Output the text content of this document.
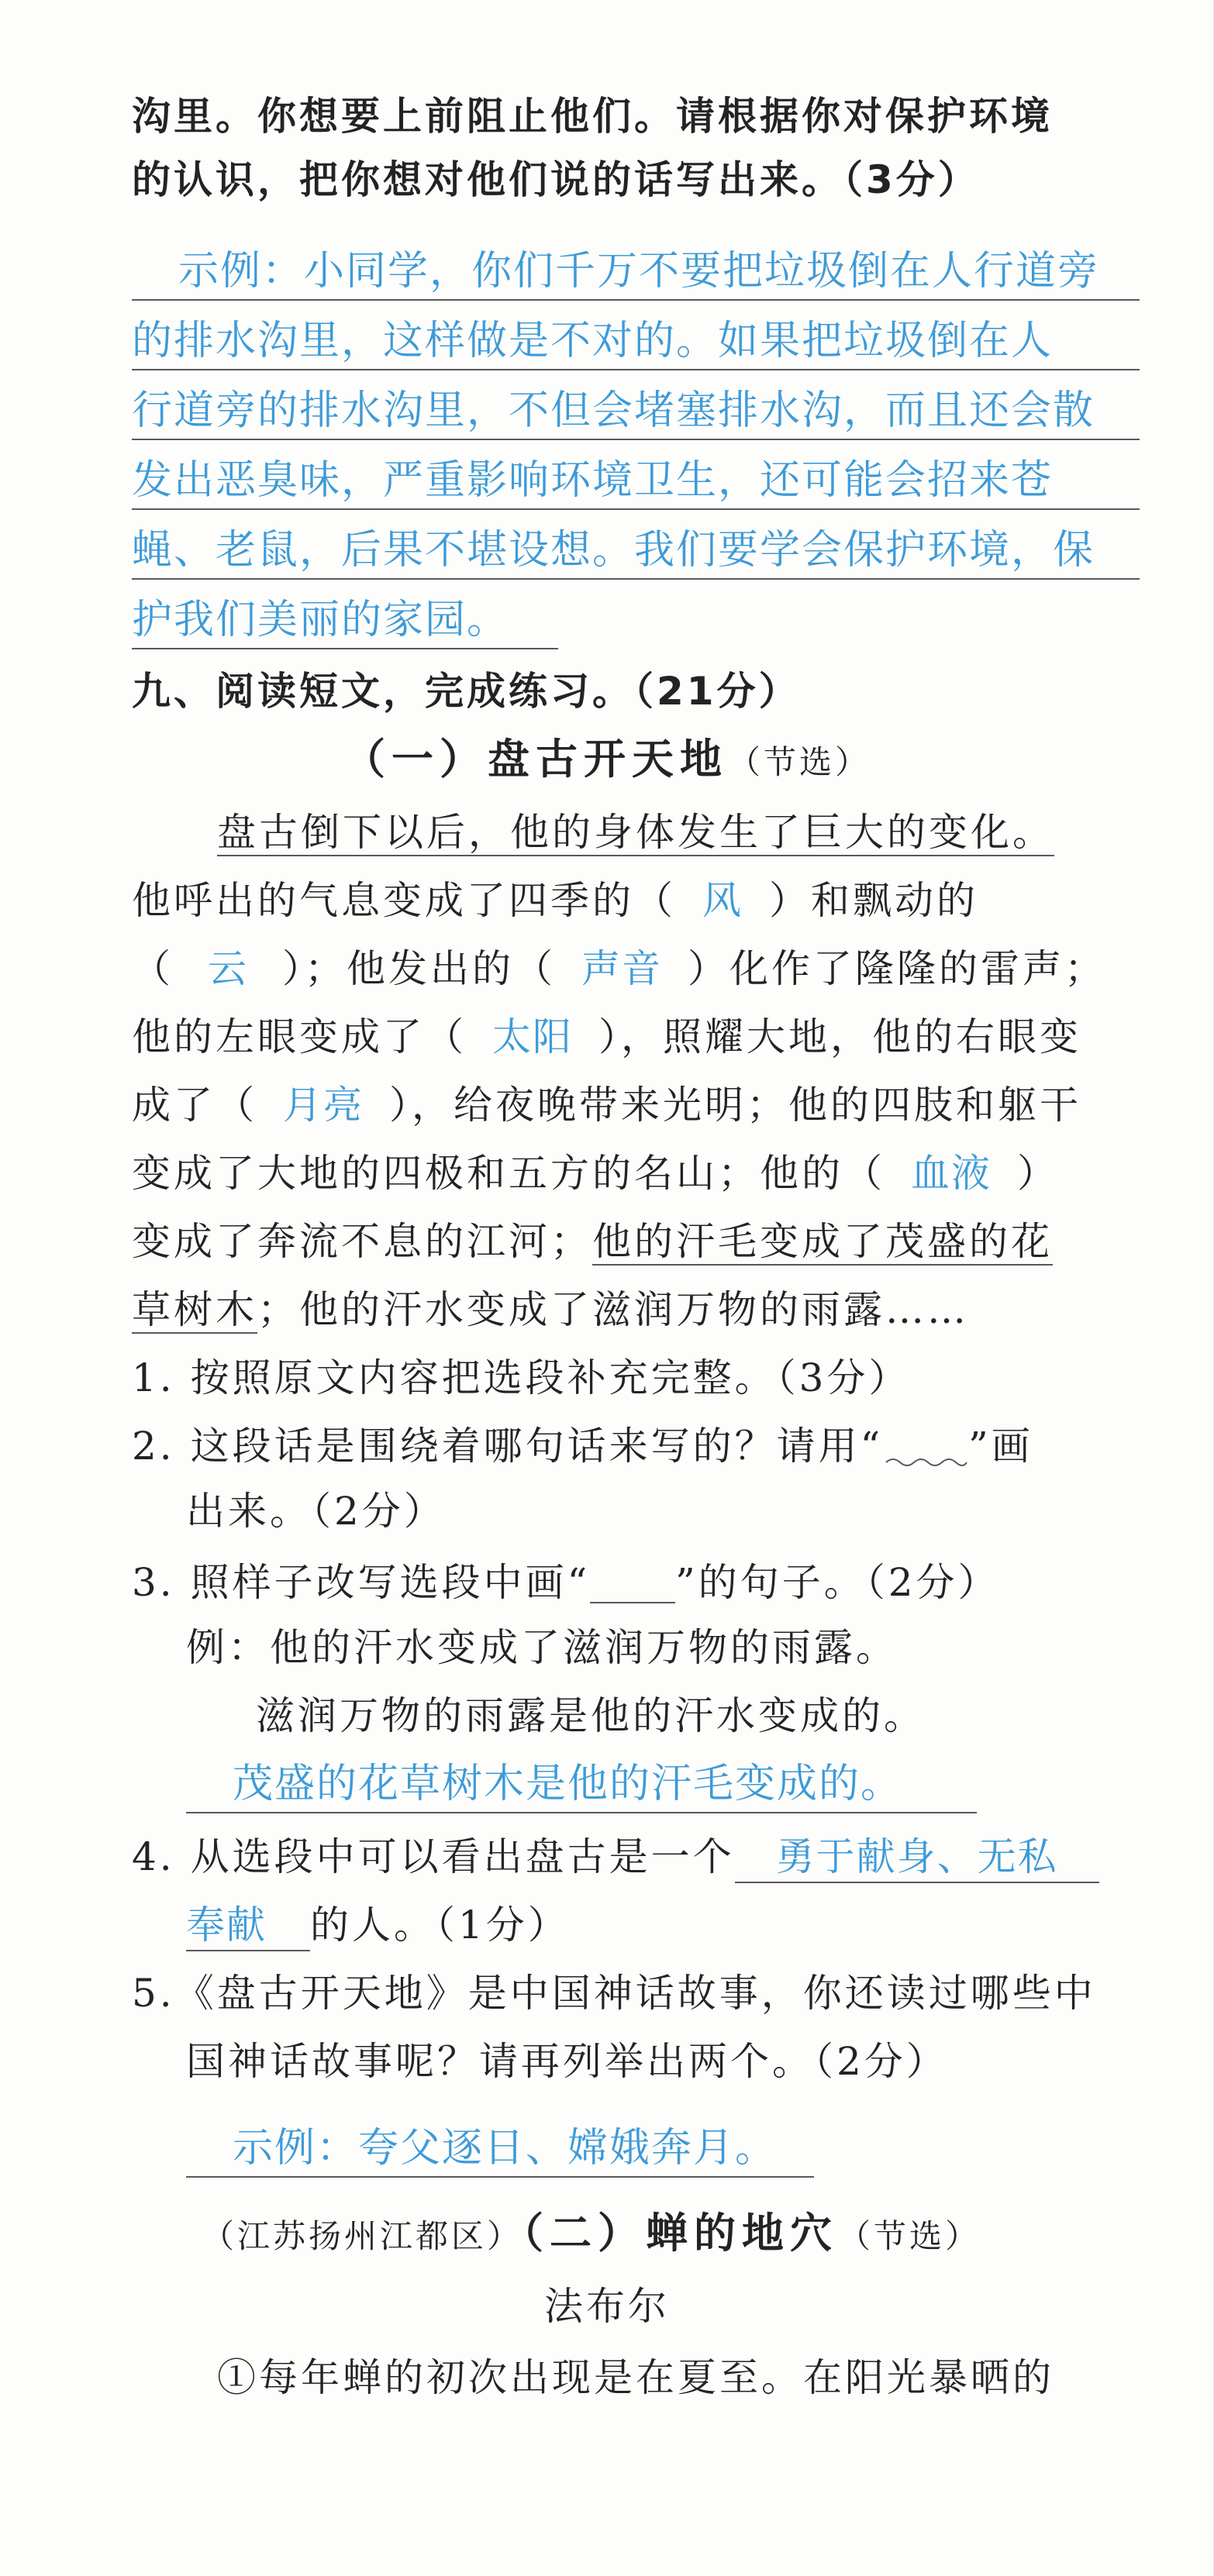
沟里。你想要上前阻止他们。请根据你对保护环境
的认识，把你想对他们说的话写出来。（3分）
示例：小同学，你们千万不要把垃圾倒在人行道旁
的排水沟里，这样做是不对的。如果把垃圾倒在人
行道旁的排水沟里，不但会堵塞排水沟，而且还会散
发出恶臭味，严重影响环境卫生，还可能会招来苍
蝇、老鼠，后果不堪设想。我们要学会保护环境，保
护我们美丽的家园。
九、阅读短文，完成练习。（21分）
（一）盘古开天地（节选）
盘古倒下以后，他的身体发生了巨大的变化。
他呼出的气息变成了四季的（ 风 ）和飘动的
（ 云 ）；他发出的（ 声音 ）化作了隆隆的雷声；
他的左眼变成了（ 太阳 ），照耀大地，他的右眼变
成了（ 月亮 ），给夜晚带来光明；他的四肢和躯干
变成了大地的四极和五方的名山；他的（ 血液 ）
变成了奔流不息的江河；他的汗毛变成了茂盛的花
草树木；他的汗水变成了滋润万物的雨露……
1. 按照原文内容把选段补充完整。（3分）
2. 这段话是围绕着哪句话来写的？请用“ ”画
出来。（2分）
3. 照样子改写选段中画“ ”的句子。（2分）
例：他的汗水变成了滋润万物的雨露。
滋润万物的雨露是他的汗水变成的。
茂盛的花草树木是他的汗毛变成的。
4. 从选段中可以看出盘古是一个 勇于献身、无私
奉献 的人。（1分）
5.《盘古开天地》是中国神话故事，你还读过哪些中
国神话故事呢？请再列举出两个。（2分）
示例：夸父逐日、嫦娥奔月。
（江苏扬州江都区）（二）蝉的地穴（节选）
法布尔
①每年蝉的初次出现是在夏至。在阳光暴晒的
